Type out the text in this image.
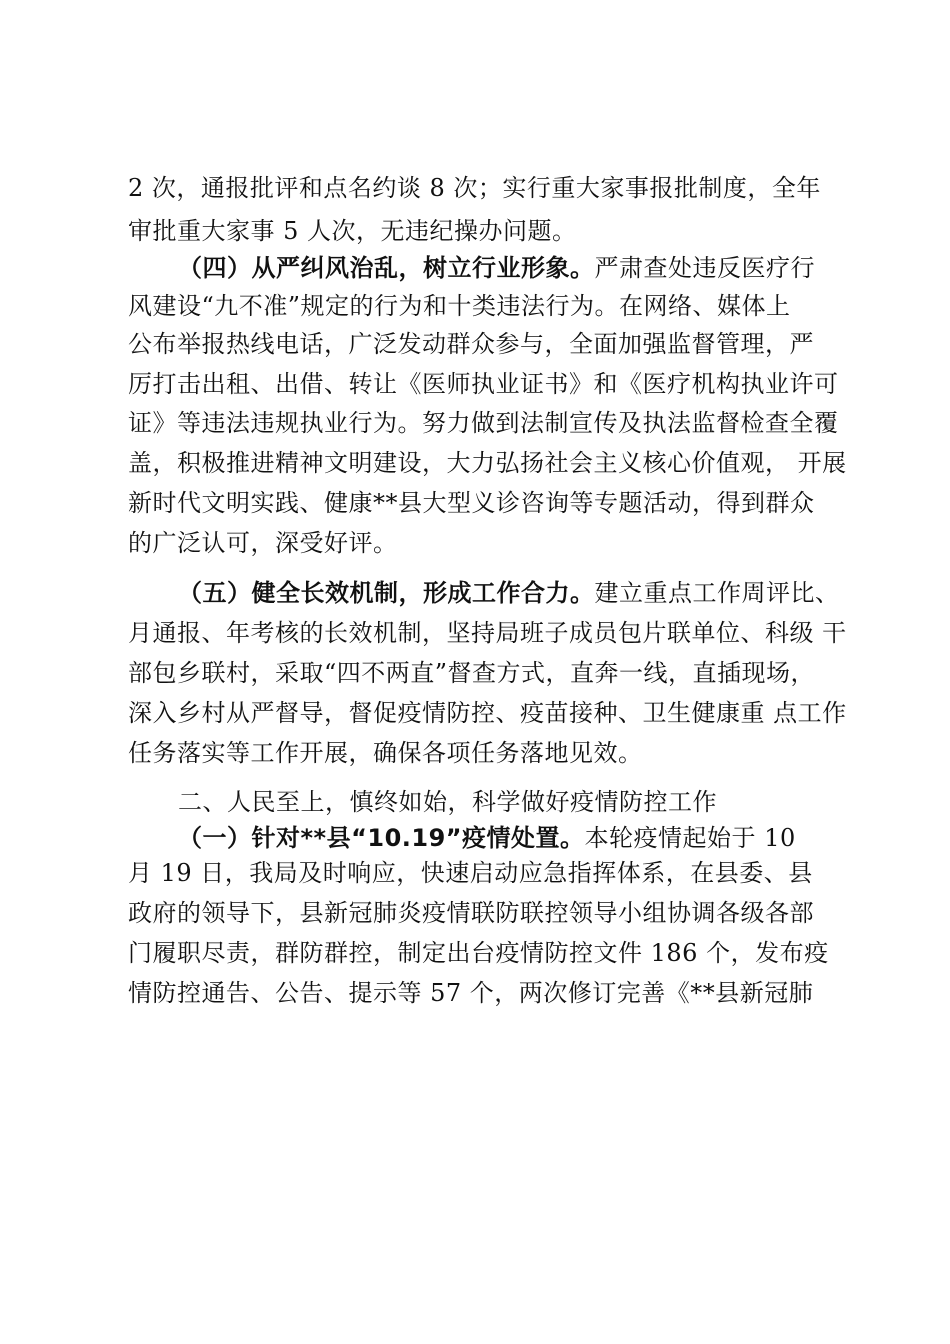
2 次，通报批评和点名约谈 8 次；实行重大家事报批制度，全年
审批重大家事 5 人次，无违纪操办问题。
（四）从严纠风治乱，树立行业形象。严肃查处违反医疗行
风建设“九不准”规定的行为和十类违法行为。在网络、媒体上
公布举报热线电话，广泛发动群众参与，全面加强监督管理，严
厉打击出租、出借、转让《医师执业证书》和《医疗机构执业许可
证》等违法违规执业行为。努力做到法制宣传及执法监督检查全覆
盖，积极推进精神文明建设，大力弘扬社会主义核心价值观， 开展
新时代文明实践、健康**县大型义诊咨询等专题活动，得到群众
的广泛认可，深受好评。
（五）健全长效机制，形成工作合力。建立重点工作周评比、
月通报、年考核的长效机制，坚持局班子成员包片联单位、科级 干
部包乡联村，采取“四不两直”督查方式，直奔一线，直插现场，
深入乡村从严督导，督促疫情防控、疫苗接种、卫生健康重 点工作
任务落实等工作开展，确保各项任务落地见效。
二、人民至上，慎终如始，科学做好疫情防控工作
（一）针对**县“10.19”疫情处置。本轮疫情起始于 10
月 19 日，我局及时响应，快速启动应急指挥体系，在县委、县
政府的领导下，县新冠肺炎疫情联防联控领导小组协调各级各部
门履职尽责，群防群控，制定出台疫情防控文件 186 个，发布疫
情防控通告、公告、提示等 57 个，两次修订完善《**县新冠肺
